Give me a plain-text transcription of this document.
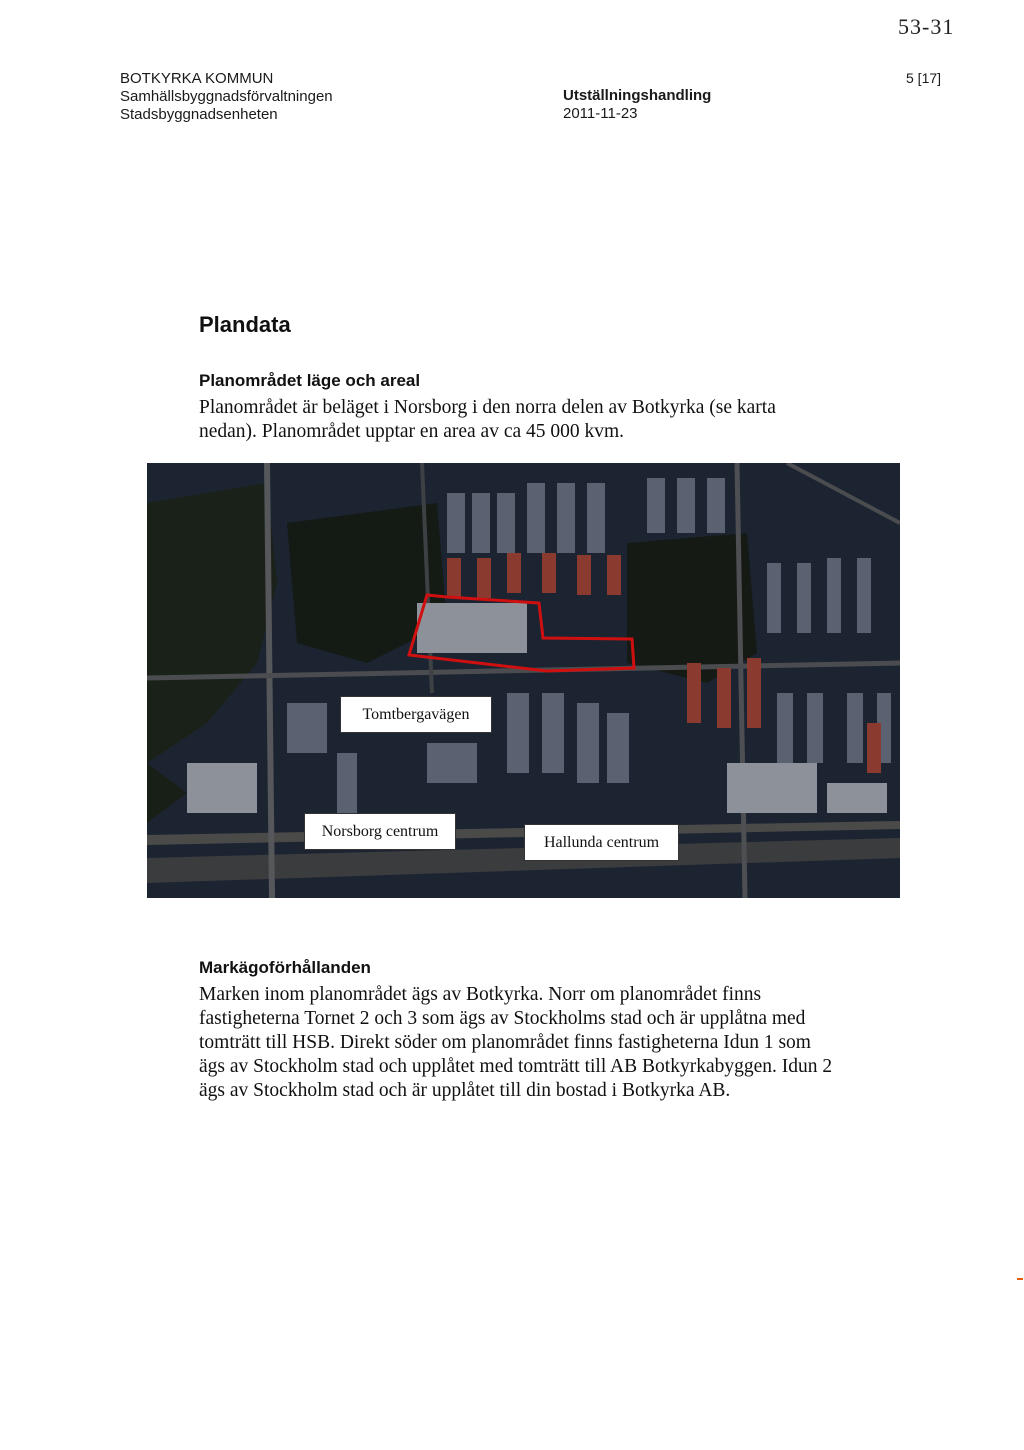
53-31
BOTKYRKA KOMMUN
Samhällsbyggnadsförvaltningen
Stadsbyggnadsenheten
Utställningshandling
2011-11-23
5 [17]
Plandata
Planområdet läge och areal
Planområdet är beläget i Norsborg i den norra delen av Botkyrka (se karta nedan). Planområdet upptar en area av ca 45 000 kvm.
Tomtbergavägen
Norsborg centrum
Hallunda centrum
Markägoförhållanden
Marken inom planområdet ägs av Botkyrka. Norr om planområdet finns fastigheterna Tornet 2 och 3 som ägs av Stockholms stad och är upplåtna med tomträtt till HSB. Direkt söder om planområdet finns fastigheterna Idun 1 som ägs av Stockholm stad och upplåtet med tomträtt till AB Botkyrkabyggen. Idun 2 ägs av Stockholm stad och är upplåtet till din bostad i Botkyrka AB.
